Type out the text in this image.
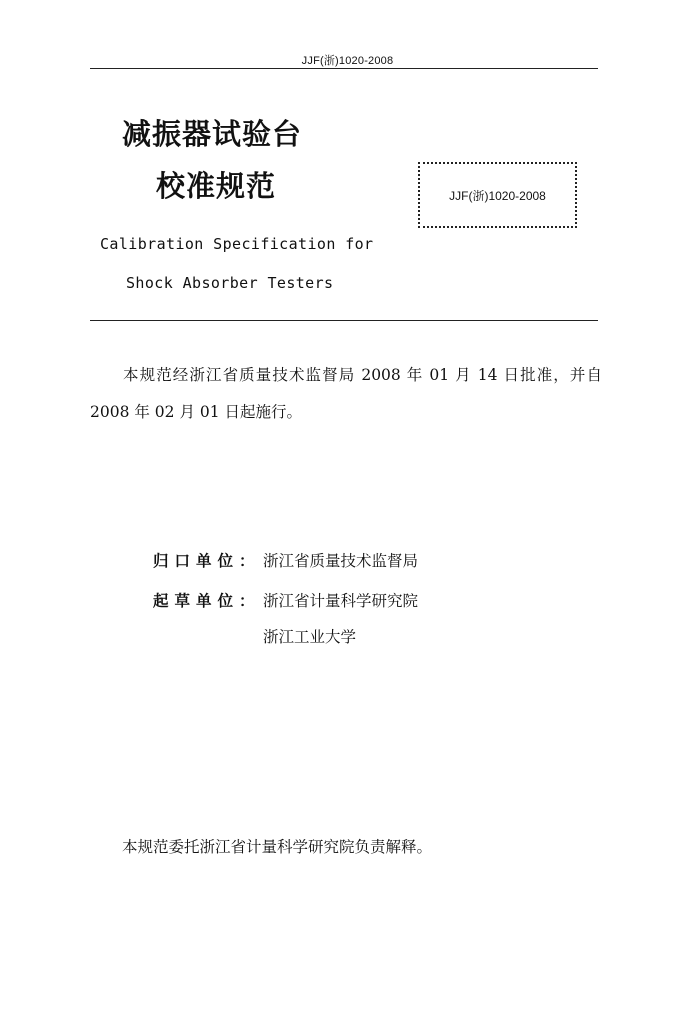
JJF(浙)1020-2008
减振器试验台
校准规范	JJF(浙)1020-2008
Calibration Specification for
Shock Absorber Testers
本规范经浙江省质量技术监督局 2008 年 01 月 14 日批准，并自 2008 年 02 月 01 日起施行。
归口单位： 浙江省质量技术监督局
起草单位： 浙江省计量科学研究院
浙江工业大学
本规范委托浙江省计量科学研究院负责解释。
